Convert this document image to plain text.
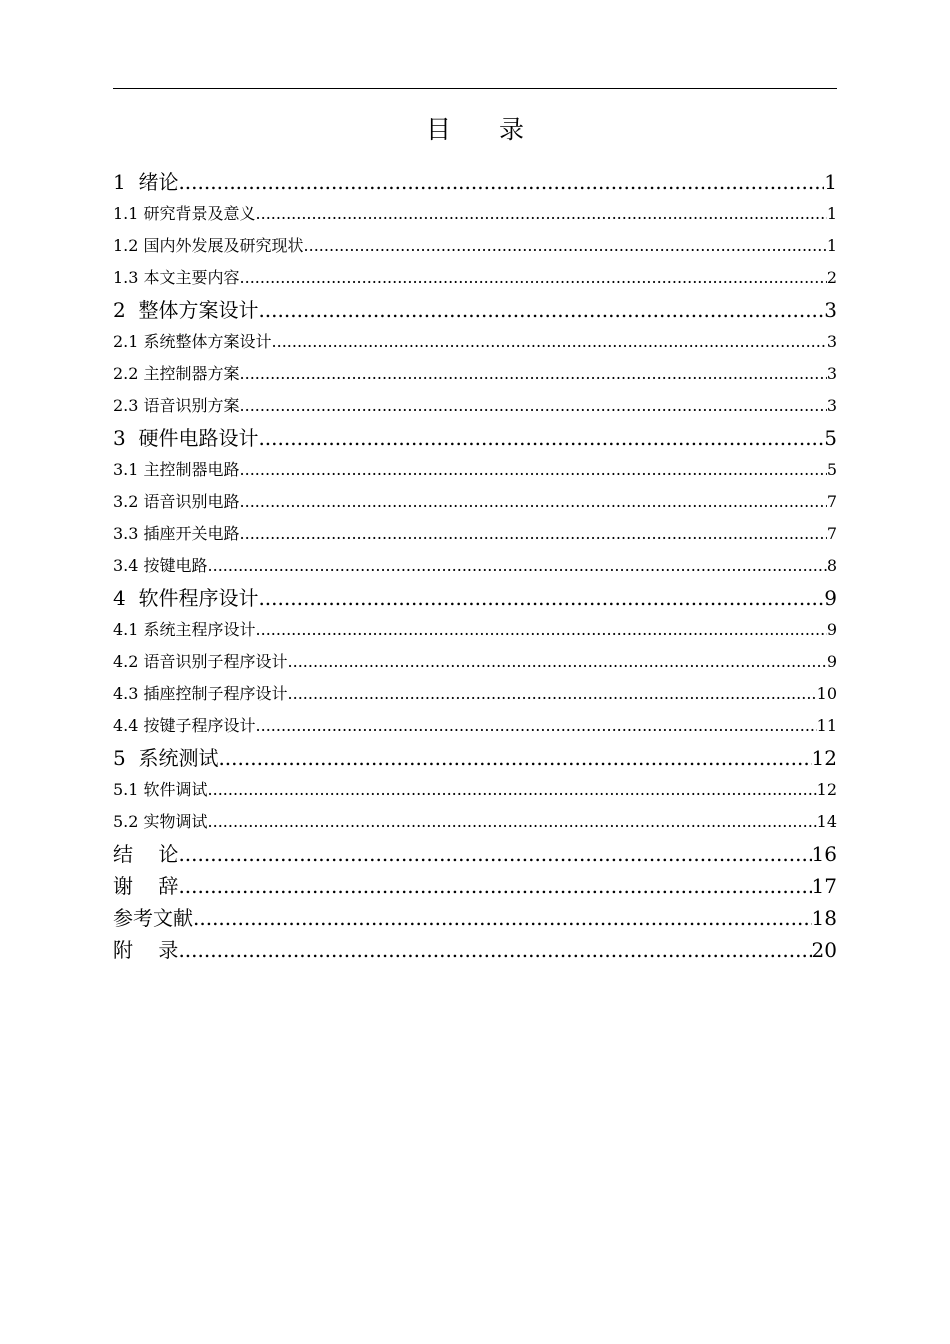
目 录
1  绪论 .....	1
1.1 研究背景及意义 .....	1
1.2 国内外发展及研究现状 .....	1
1.3 本文主要内容 .....	2
2  整体方案设计 .....	3
2.1 系统整体方案设计 .....	3
2.2 主控制器方案 .....	3
2.3 语音识别方案 .....	3
3  硬件电路设计 .....	5
3.1 主控制器电路 .....	5
3.2 语音识别电路 .....	7
3.3 插座开关电路 .....	7
3.4 按键电路 .....	8
4  软件程序设计 .....	9
4.1 系统主程序设计 .....	9
4.2 语音识别子程序设计 .....	9
4.3 插座控制子程序设计 .....	10
4.4 按键子程序设计 .....	11
5  系统测试 .....	12
5.1 软件调试 .....	12
5.2 实物调试 .....	14
结    论 .....	16
谢    辞 .....	17
参考文献 .....	18
附    录 .....	20
